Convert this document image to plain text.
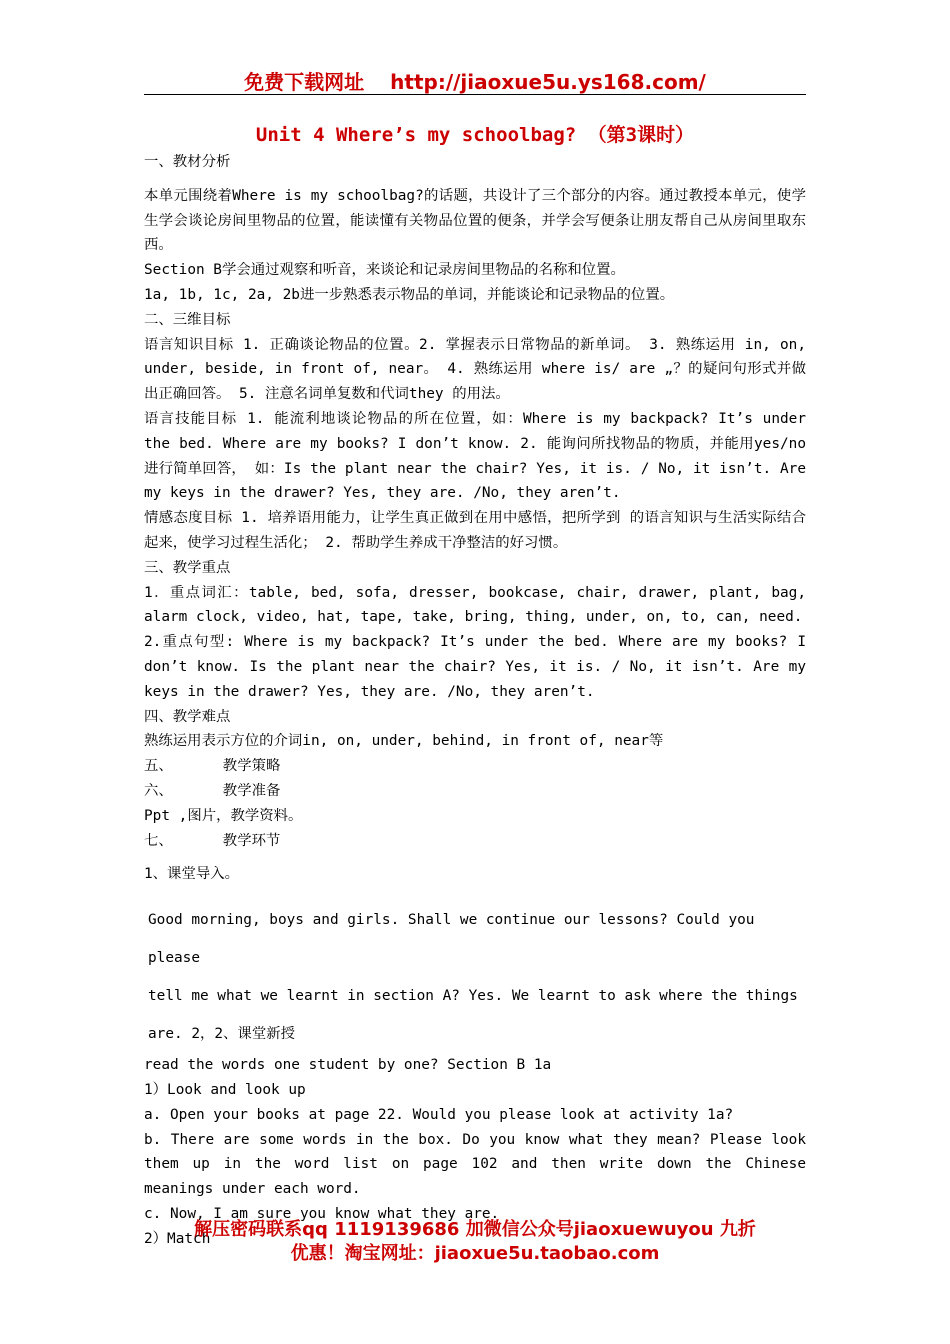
免费下载网址 http://jiaoxue5u.ys168.com/
Unit 4 Where’s my schoolbag? （第3课时）

一、教材分析

本单元围绕着Where is my schoolbag?的话题，共设计了三个部分的内容。通过教授本单元，使学生学会谈论房间里物品的位置，能读懂有关物品位置的便条，并学会写便条让朋友帮自己从房间里取东西。

Section B学会通过观察和听音，来谈论和记录房间里物品的名称和位置。

1a, 1b, 1c, 2a, 2b进一步熟悉表示物品的单词，并能谈论和记录物品的位置。

二、三维目标

语言知识目标 1. 正确谈论物品的位置。2. 掌握表示日常物品的新单词。 3. 熟练运用 in, on, under, beside, in front of, near。 4. 熟练运用 where is/ are „？的疑问句形式并做出正确回答。 5. 注意名词单复数和代词they 的用法。

语言技能目标 1. 能流利地谈论物品的所在位置，如：Where is my backpack? It’s under the bed. Where are my books? I don’t know. 2. 能询问所找物品的物质，并能用yes/no 进行简单回答， 如：Is the plant near the chair? Yes, it is. / No, it isn’t. Are my keys in the drawer? Yes, they are. /No, they aren’t.

情感态度目标 1. 培养语用能力，让学生真正做到在用中感悟，把所学到 的语言知识与生活实际结合起来，使学习过程生活化； 2. 帮助学生养成干净整洁的好习惯。

三、教学重点

1．重点词汇：table, bed, sofa, dresser, bookcase, chair, drawer, plant, bag, alarm clock, video, hat, tape, take, bring, thing, under, on, to, can, need.

2.重点句型: Where is my backpack? It’s under the bed. Where are my books? I don’t know. Is the plant near the chair? Yes, it is. / No, it isn’t. Are my keys in the drawer? Yes, they are. /No, they aren’t.

四、教学难点

熟练运用表示方位的介词in, on, under, behind, in front of, near等

五、	教学策略

六、	教学准备

Ppt ,图片，教学资料。

七、	教学环节

1、课堂导入。

Good morning, boys and girls. Shall we continue our lessons? Could you please

tell me what we learnt in section A? Yes. We learnt to ask where the things

are. 2，2、课堂新授

read the words one student by one? Section B 1a

1）Look and look up

a. Open your books at page 22. Would you please look at activity 1a?

b. There are some words in the box. Do you know what they mean? Please look them up in the word list on page 102 and then write down the Chinese meanings under each word.

c. Now, I am sure you know what they are.

2）Match

解压密码联系qq 1119139686 加微信公众号jiaoxuewuyou 九折
优惠！淘宝网址：jiaoxue5u.taobao.com
